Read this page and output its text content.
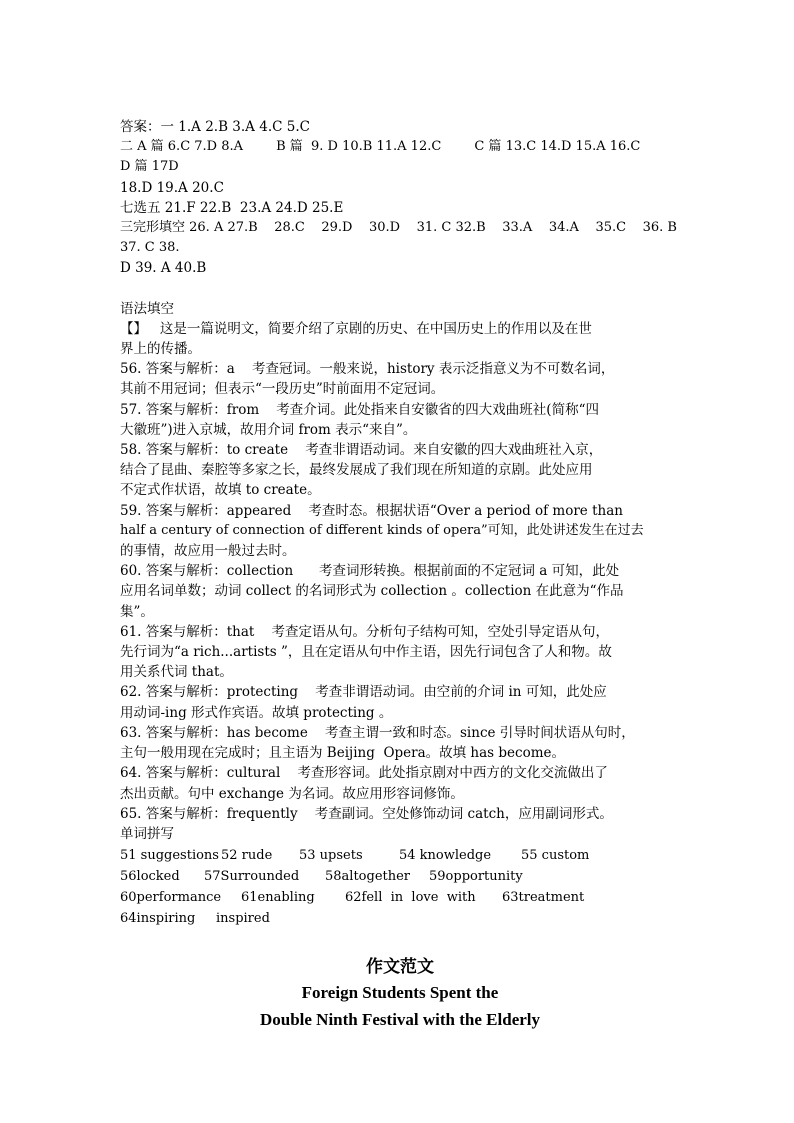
答案：一 1.A 2.B 3.A 4.C 5.C
二 A 篇 6.C 7.D 8.A        B 篇  9. D 10.B 11.A 12.C        C 篇 13.C 14.D 15.A 16.C        D 篇 17D
18.D 19.A 20.C
七选五 21.F 22.B  23.A 24.D 25.E
三完形填空 26. A 27.B    28.C    29.D    30.D    31. C 32.B    33.A    34.A    35.C    36. B 37. C 38.
D 39. A 40.B
语法填空
【】   这是一篇说明文，简要介绍了京剧的历史、在中国历史上的作用以及在世
界上的传播。
56. 答案与解析：a    考查冠词。一般来说，history 表示泛指意义为不可数名词，
其前不用冠词；但表示“一段历史”时前面用不定冠词。
57. 答案与解析：from    考查介词。此处指来自安徽省的四大戏曲班社(简称“四
大徽班”)进入京城，故用介词 from 表示“来自”。
58. 答案与解析：to create    考查非谓语动词。来自安徽的四大戏曲班社入京，
结合了昆曲、秦腔等多家之长，最终发展成了我们现在所知道的京剧。此处应用
不定式作状语，故填 to create。
59. 答案与解析：appeared    考查时态。根据状语“Over a period of more than
half a century of connection of different kinds of opera”可知，此处讲述发生在过去
的事情，故应用一般过去时。
60. 答案与解析：collection      考查词形转换。根据前面的不定冠词 a 可知，此处
应用名词单数；动词 collect 的名词形式为 collection 。collection 在此意为“作品
集”。
61. 答案与解析：that    考查定语从句。分析句子结构可知，空处引导定语从句，
先行词为“a rich...artists ”，且在定语从句中作主语，因先行词包含了人和物。故
用关系代词 that。
62. 答案与解析：protecting    考查非谓语动词。由空前的介词 in 可知，此处应
用动词-ing 形式作宾语。故填 protecting 。
63. 答案与解析：has become    考查主谓一致和时态。since 引导时间状语从句时，
主句一般用现在完成时；且主语为 Beijing  Opera。故填 has become。
64. 答案与解析：cultural    考查形容词。此处指京剧对中西方的文化交流做出了
杰出贡献。句中 exchange 为名词。故应用形容词修饰。
65. 答案与解析：frequently    考查副词。空处修饰动词 catch，应用副词形式。
单词拼写
51 suggestions 52 rude	53 upsets	54 knowledge	55 custom
56locked	57Surrounded	58altogether	59opportunity
60performance	61enabling	62fell  in  love  with	63treatment
64inspiring	inspired
作文范文
Foreign Students Spent the
Double Ninth Festival with the Elderly
